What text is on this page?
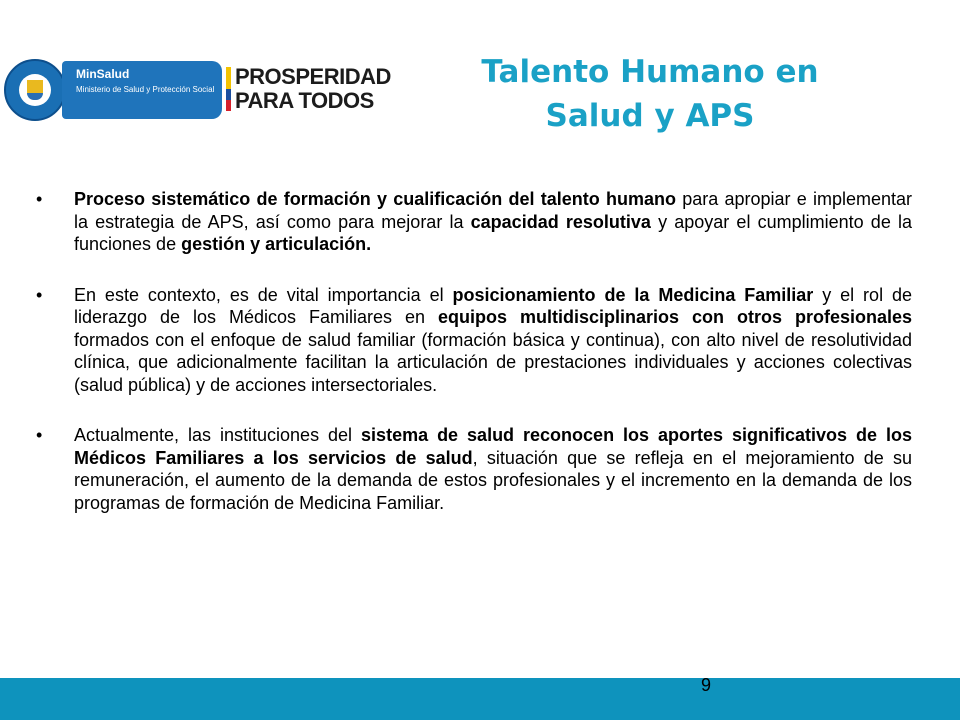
MinSalud
Ministerio de Salud y Protección Social
PROSPERIDAD
PARA TODOS
Talento Humano en
Salud y APS
•	Proceso sistemático de formación y cualificación del talento humano para apropiar e implementar la estrategia de APS, así como para mejorar la capacidad resolutiva y apoyar el cumplimiento de la funciones de gestión y articulación.
•	En este contexto, es de vital importancia el posicionamiento de la Medicina Familiar y el rol de liderazgo de los Médicos Familiares en equipos multidisciplinarios con otros profesionales formados con el enfoque de salud familiar (formación básica y continua), con alto nivel de resolutividad clínica, que adicionalmente facilitan la articulación de prestaciones individuales y acciones colectivas (salud pública) y de acciones intersectoriales.
•	Actualmente, las instituciones del sistema de salud reconocen los aportes significativos de los Médicos Familiares a los servicios de salud, situación que se refleja en el mejoramiento de su remuneración, el aumento de la demanda de estos profesionales y el incremento en la demanda de los programas de formación de Medicina Familiar.
9
